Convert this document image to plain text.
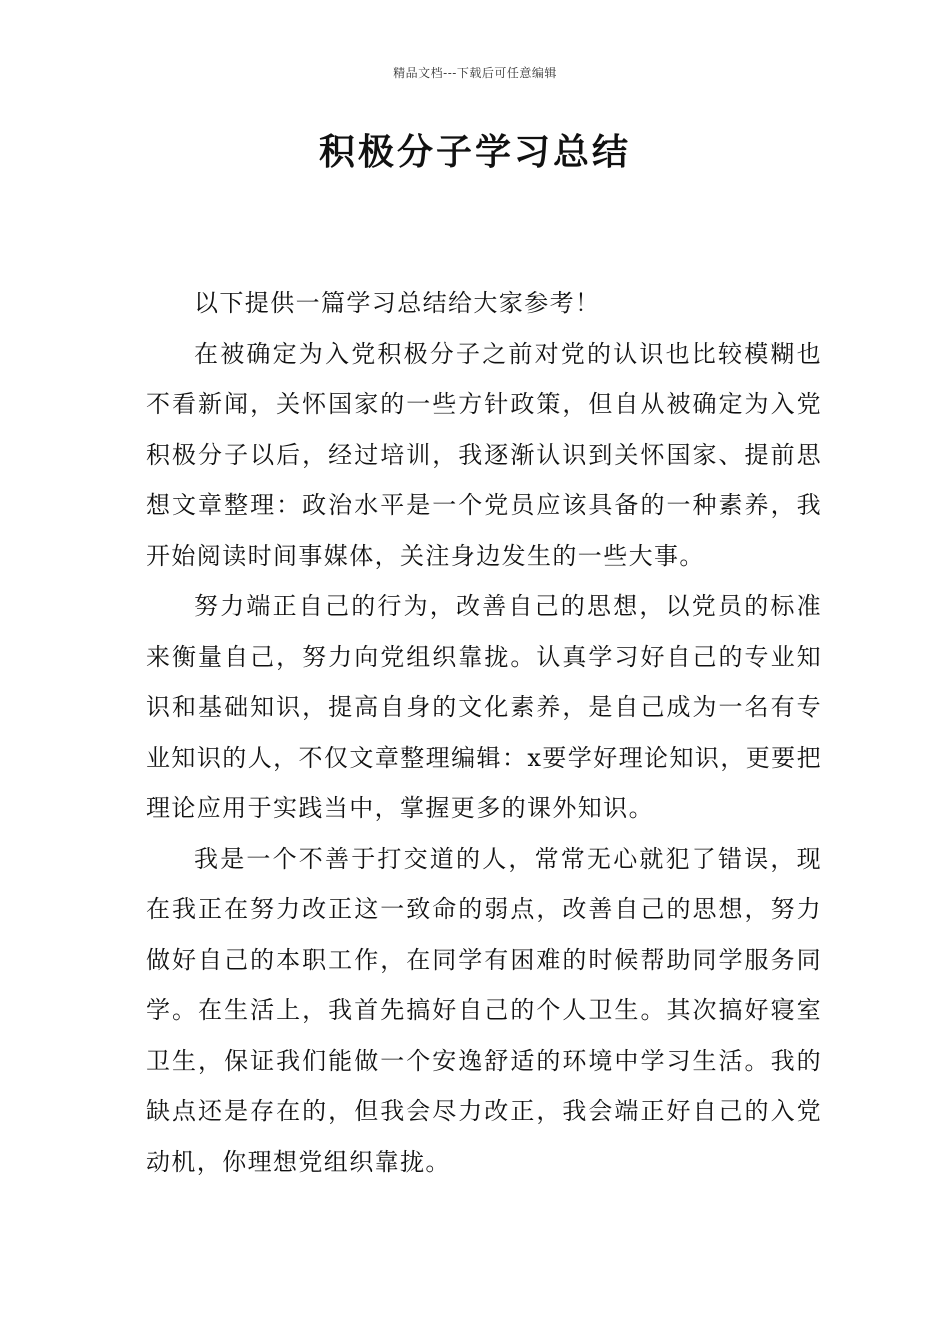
精品文档---下载后可任意编辑
积极分子学习总结

以下提供一篇学习总结给大家参考！

在被确定为入党积极分子之前对党的认识也比较模糊也不看新闻，关怀国家的一些方针政策，但自从被确定为入党积极分子以后，经过培训，我逐渐认识到关怀国家、提前思想文章整理：政治水平是一个党员应该具备的一种素养，我开始阅读时间事媒体，关注身边发生的一些大事。

努力端正自己的行为，改善自己的思想，以党员的标准来衡量自己，努力向党组织靠拢。认真学习好自己的专业知识和基础知识，提高自身的文化素养，是自己成为一名有专业知识的人，不仅文章整理编辑：x要学好理论知识，更要把理论应用于实践当中，掌握更多的课外知识。

我是一个不善于打交道的人，常常无心就犯了错误，现在我正在努力改正这一致命的弱点，改善自己的思想，努力做好自己的本职工作，在同学有困难的时候帮助同学服务同学。在生活上，我首先搞好自己的个人卫生。其次搞好寝室卫生，保证我们能做一个安逸舒适的环境中学习生活。我的缺点还是存在的，但我会尽力改正，我会端正好自己的入党动机，你理想党组织靠拢。
